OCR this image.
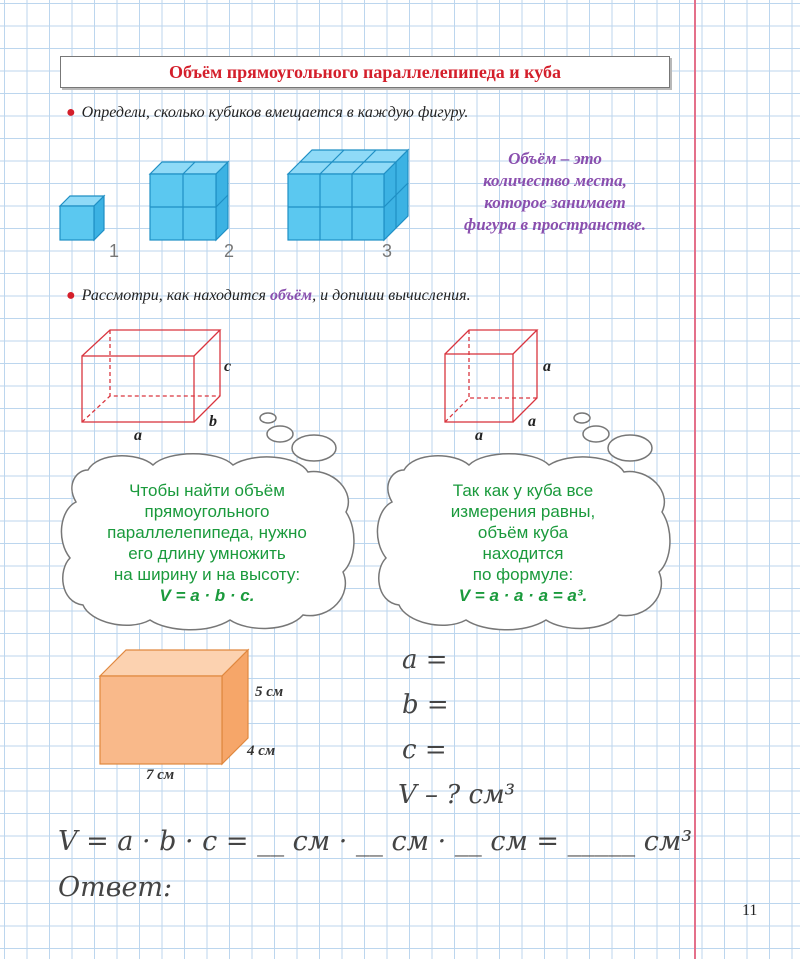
Объём прямоугольного параллелепипеда и куба
● Определи, сколько кубиков вмещается в каждую фигуру.
1	2	3
Объём – это
количество места,
которое занимает
фигура в пространстве.
● Рассмотри, как находится объём, и допиши вычисления.
c
b
a
a
a
a
Чтобы найти объём
прямоугольного
параллелепипеда, нужно
его длину умножить
на ширину и на высоту:
V = a · b · c.
Так как у куба все
измерения равны,
объём куба
находится
по формуле:
V = a · a · a = a³.
5 см
4 см
7 см
a =
b =
c =
V – ? см³
V = a · b · c = __ см · __ см · __ см = _____ см³
Ответ:
11
